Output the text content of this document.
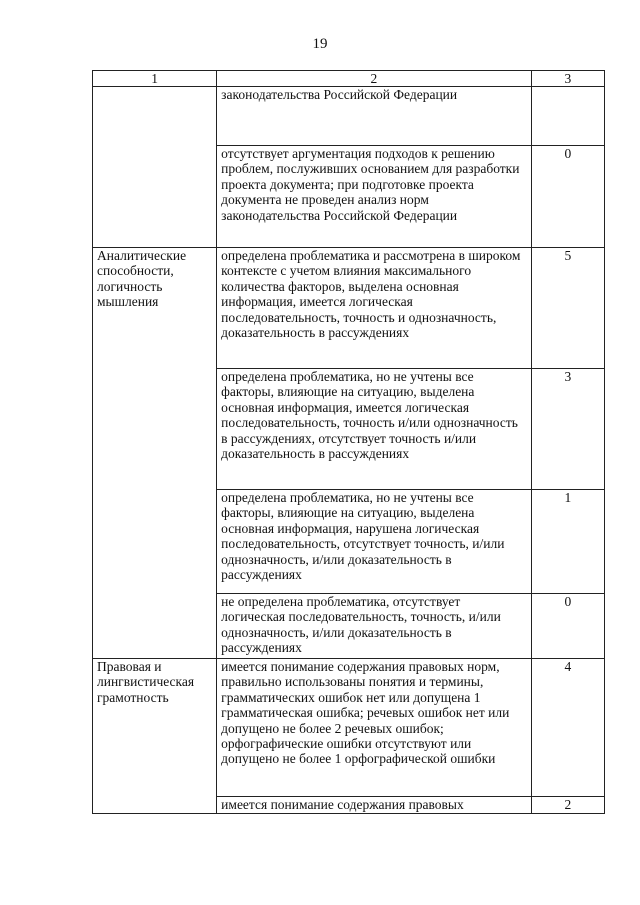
19
1	2	3

	законодательства Российской Федерации	

	отсутствует аргументация подходов к решению проблем, послуживших основанием для разработки проекта документа; при подготовке проекта документа не проведен анализ норм законодательства Российской Федерации	0

Аналитические способности, логичность мышления	определена проблематика и рассмотрена в широком контексте с учетом влияния максимального количества факторов, выделена основная информация, имеется логическая последовательность, точность и однозначность, доказательность в рассуждениях	5

	определена проблематика, но не учтены все факторы, влияющие на ситуацию, выделена основная информация, имеется логическая последовательность, точность и/или однозначность в рассуждениях, отсутствует точность и/или доказательность в рассуждениях	3

	определена проблематика, но не учтены все факторы, влияющие на ситуацию, выделена основная информация, нарушена логическая последовательность, отсутствует точность, и/или однозначность, и/или доказательность в рассуждениях	1

	не определена проблематика, отсутствует логическая последовательность, точность, и/или однозначность, и/или доказательность в рассуждениях	0

Правовая и лингвистическая грамотность	имеется понимание содержания правовых норм, правильно использованы понятия и термины, грамматических ошибок нет или допущена 1 грамматическая ошибка; речевых ошибок нет или допущено не более 2 речевых ошибок; орфографические ошибки отсутствуют или допущено не более 1 орфографической ошибки	4

	имеется понимание содержания правовых	2
